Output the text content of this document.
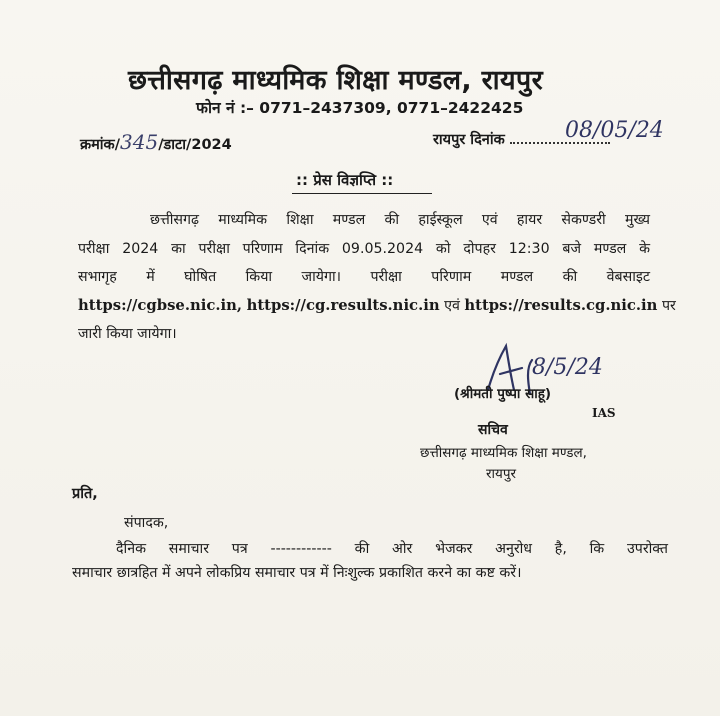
छत्तीसगढ़ माध्यमिक शिक्षा मण्डल, रायपुर
फोन नं :– 0771–2437309, 0771–2422425
क्रमांक/345/डाटा/2024	रायपुर दिनांक	08/05/24
:: प्रेस विज्ञप्ति ::
छत्तीसगढ़ माध्यमिक शिक्षा मण्डल की हाईस्कूल एवं हायर सेकण्डरी मुख्य
परीक्षा 2024 का परीक्षा परिणाम दिनांक 09.05.2024 को दोपहर 12:30 बजे मण्डल के
सभागृह में घोषित किया जायेगा। परीक्षा परिणाम मण्डल की वेबसाइट
https://cgbse.nic.in, https://cg.results.nic.in एवं https://results.cg.nic.in पर
जारी किया जायेगा।
8/5/24
(श्रीमती पुष्पा साहू)
IAS
सचिव
छत्तीसगढ़ माध्यमिक शिक्षा मण्डल,
रायपुर
प्रति,
संपादक,
दैनिक समाचार पत्र ------------ की ओर भेजकर अनुरोध है, कि उपरोक्त
समाचार छात्रहित में अपने लोकप्रिय समाचार पत्र में निःशुल्क प्रकाशित करने का कष्ट करें।
